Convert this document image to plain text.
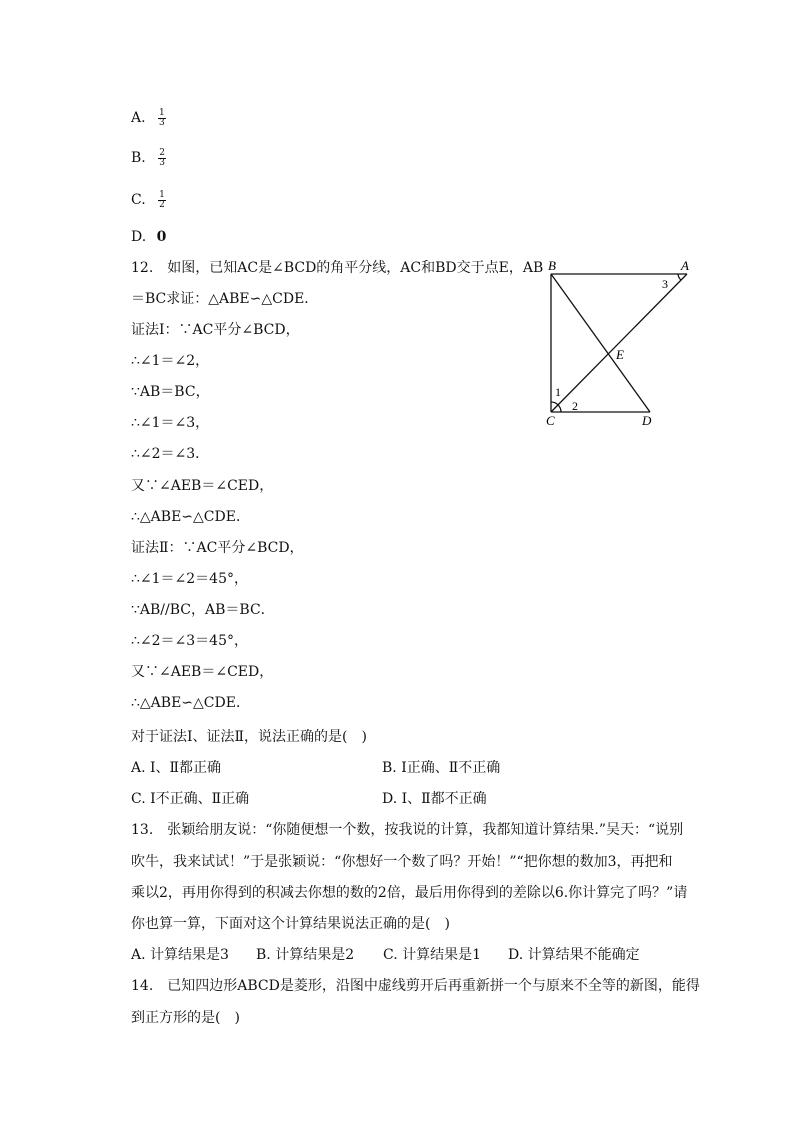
A. $\frac{1}{3}$
B. $\frac{2}{3}$
C. $\frac{1}{2}$
D. 0
12.　如图，已知AC是∠BCD的角平分线，AC和BD交于点E，AB
＝BC求证：△ABE∽△CDE．
证法Ⅰ：∵AC平分∠BCD，
∴∠1＝∠2，
∵AB＝BC，
∴∠1＝∠3，
∴∠2＝∠3．
又∵∠AEB＝∠CED，
∴△ABE∽△CDE．
证法Ⅱ：∵AC平分∠BCD，
∴∠1＝∠2＝45°，
∵AB//BC，AB＝BC．
∴∠2＝∠3＝45°，
又∵∠AEB＝∠CED，
∴△ABE∽△CDE．
对于证法Ⅰ、证法Ⅱ，说法正确的是(　)
A. Ⅰ、Ⅱ都正确	B. Ⅰ正确、Ⅱ不正确
C. Ⅰ不正确、Ⅱ正确	D. Ⅰ、Ⅱ都不正确
B	A
C	D
E
1
2
3
13.　张颖给朋友说：“你随便想一个数，按我说的计算，我都知道计算结果.”吴天：“说别
吹牛，我来试试！”于是张颖说：“你想好一个数了吗？开始！”“把你想的数加3，再把和
乘以2，再用你得到的积减去你想的数的2倍，最后用你得到的差除以6.你计算完了吗？”请
你也算一算，下面对这个计算结果说法正确的是(　)
A. 计算结果是3 B. 计算结果是2 C. 计算结果是1 D. 计算结果不能确定
14.　已知四边形ABCD是菱形，沿图中虚线剪开后再重新拼一个与原来不全等的新图，能得
到正方形的是(　)
